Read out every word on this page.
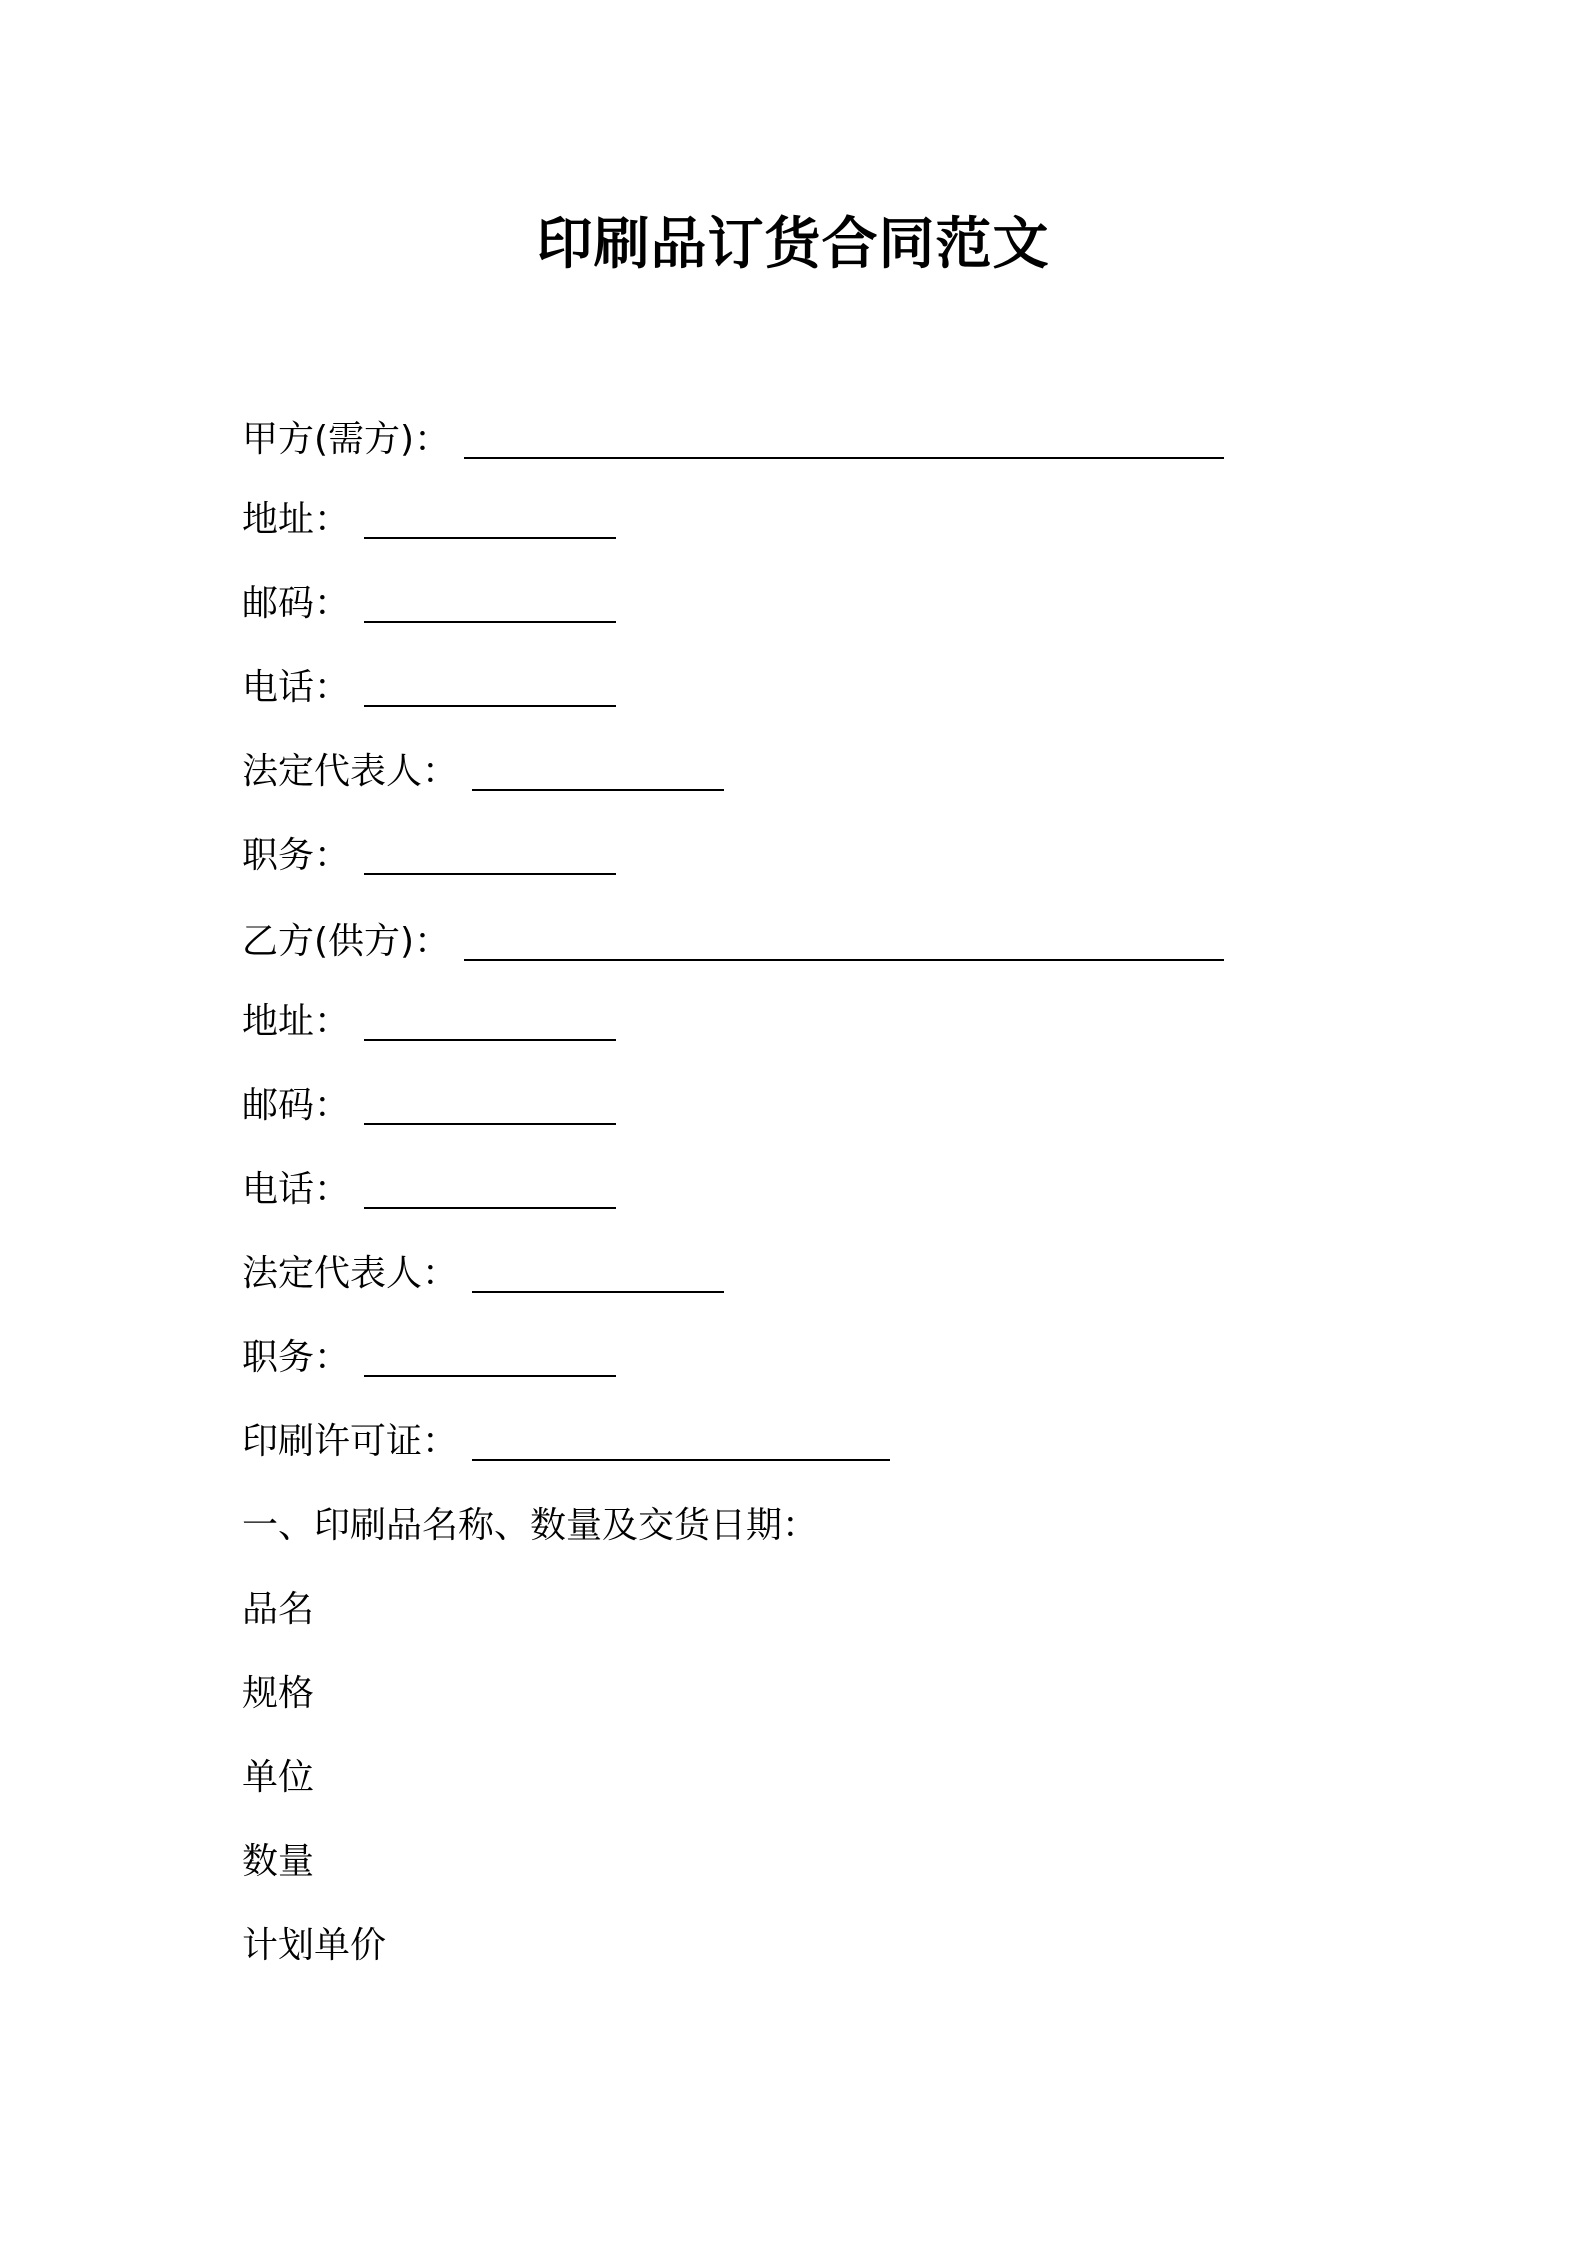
印刷品订货合同范文
甲方(需方)：
地址：
邮码：
电话：
法定代表人：
职务：
乙方(供方)：
地址：
邮码：
电话：
法定代表人：
职务：
印刷许可证：
一、印刷品名称、数量及交货日期：
品名
规格
单位
数量
计划单价
